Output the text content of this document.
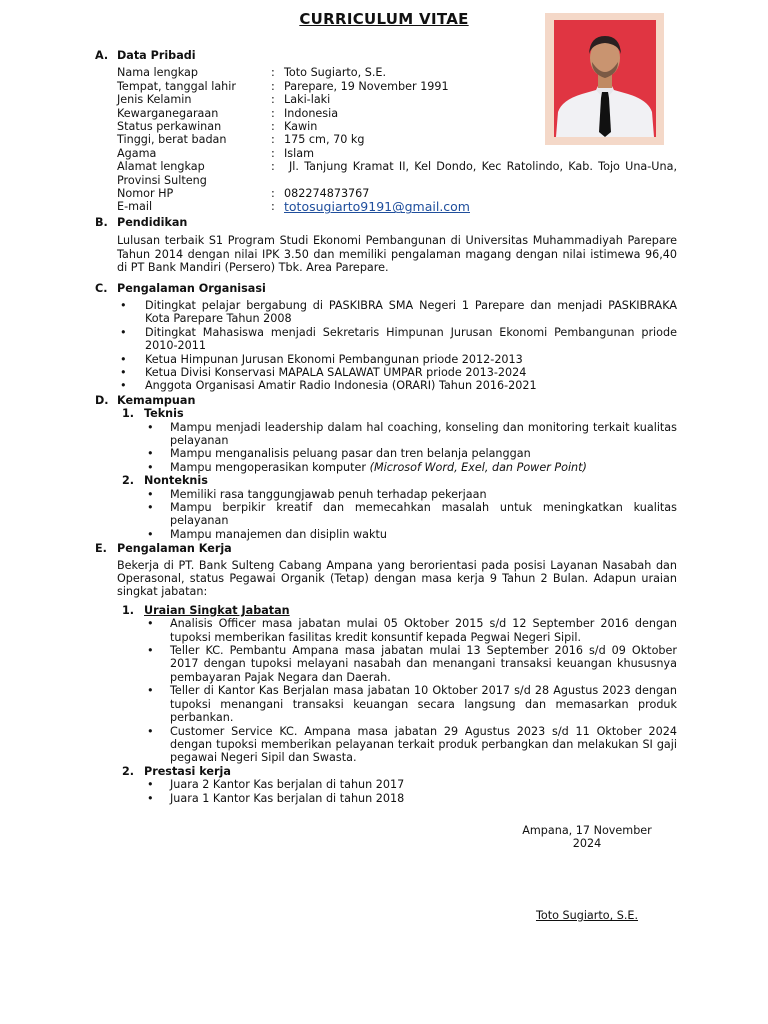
CURRICULUM VITAE
A. Data Pribadi
Nama lengkap	: Toto Sugiarto, S.E.
Tempat, tanggal lahir	: Parepare, 19 November 1991
Jenis Kelamin	: Laki-laki
Kewarganegaraan	: Indonesia
Status perkawinan	: Kawin
Tinggi, berat badan	: 175 cm, 70 kg
Agama	: Islam
Alamat lengkap	:	Jl. Tanjung Kramat II, Kel Dondo, Kec Ratolindo, Kab. Tojo Una-Una, Provinsi Sulteng
Nomor HP	: 082274873767
E-mail	: totosugiarto9191@gmail.com
B. Pendidikan
Lulusan terbaik S1 Program Studi Ekonomi Pembangunan di Universitas Muhammadiyah Parepare Tahun 2014 dengan nilai IPK 3.50 dan memiliki pengalaman magang dengan nilai istimewa 96,40 di PT Bank Mandiri (Persero) Tbk. Area Parepare.
C. Pengalaman Organisasi
• Ditingkat pelajar bergabung di PASKIBRA SMA Negeri 1 Parepare dan menjadi PASKIBRAKA Kota Parepare Tahun 2008
• Ditingkat Mahasiswa menjadi Sekretaris Himpunan Jurusan Ekonomi Pembangunan priode 2010-2011
• Ketua Himpunan Jurusan Ekonomi Pembangunan priode 2012-2013
• Ketua Divisi Konservasi MAPALA SALAWAT UMPAR priode 2013-2024
• Anggota Organisasi Amatir Radio Indonesia (ORARI) Tahun 2016-2021
D. Kemampuan
1. Teknis
• Mampu menjadi leadership dalam hal coaching, konseling dan monitoring terkait kualitas pelayanan
• Mampu menganalisis peluang pasar dan tren belanja pelanggan
• Mampu mengoperasikan komputer (Microsof Word, Exel, dan Power Point)
2. Nonteknis
• Memiliki rasa tanggungjawab penuh terhadap pekerjaan
• Mampu berpikir kreatif dan memecahkan masalah untuk meningkatkan kualitas pelayanan
• Mampu manajemen dan disiplin waktu
E. Pengalaman Kerja
Bekerja di PT. Bank Sulteng Cabang Ampana yang berorientasi pada posisi Layanan Nasabah dan Operasonal, status Pegawai Organik (Tetap) dengan masa kerja 9 Tahun 2 Bulan. Adapun uraian singkat jabatan:
1. Uraian Singkat Jabatan
• Analisis Officer masa jabatan mulai 05 Oktober 2015 s/d 12 September 2016 dengan tupoksi memberikan fasilitas kredit konsuntif kepada Pegwai Negeri Sipil.
• Teller KC. Pembantu Ampana masa jabatan mulai 13 September 2016 s/d 09 Oktober 2017 dengan tupoksi melayani nasabah dan menangani transaksi keuangan khususnya pembayaran Pajak Negara dan Daerah.
• Teller di Kantor Kas Berjalan masa jabatan 10 Oktober 2017 s/d 28 Agustus 2023 dengan tupoksi menangani transaksi keuangan secara langsung dan memasarkan produk perbankan.
• Customer Service KC. Ampana masa jabatan 29 Agustus 2023 s/d 11 Oktober 2024 dengan tupoksi memberikan pelayanan terkait produk perbangkan dan melakukan SI gaji pegawai Negeri Sipil dan Swasta.
2. Prestasi kerja
• Juara 2 Kantor Kas berjalan di tahun 2017
• Juara 1 Kantor Kas berjalan di tahun 2018
Ampana, 17 November
2024
Toto Sugiarto, S.E.
